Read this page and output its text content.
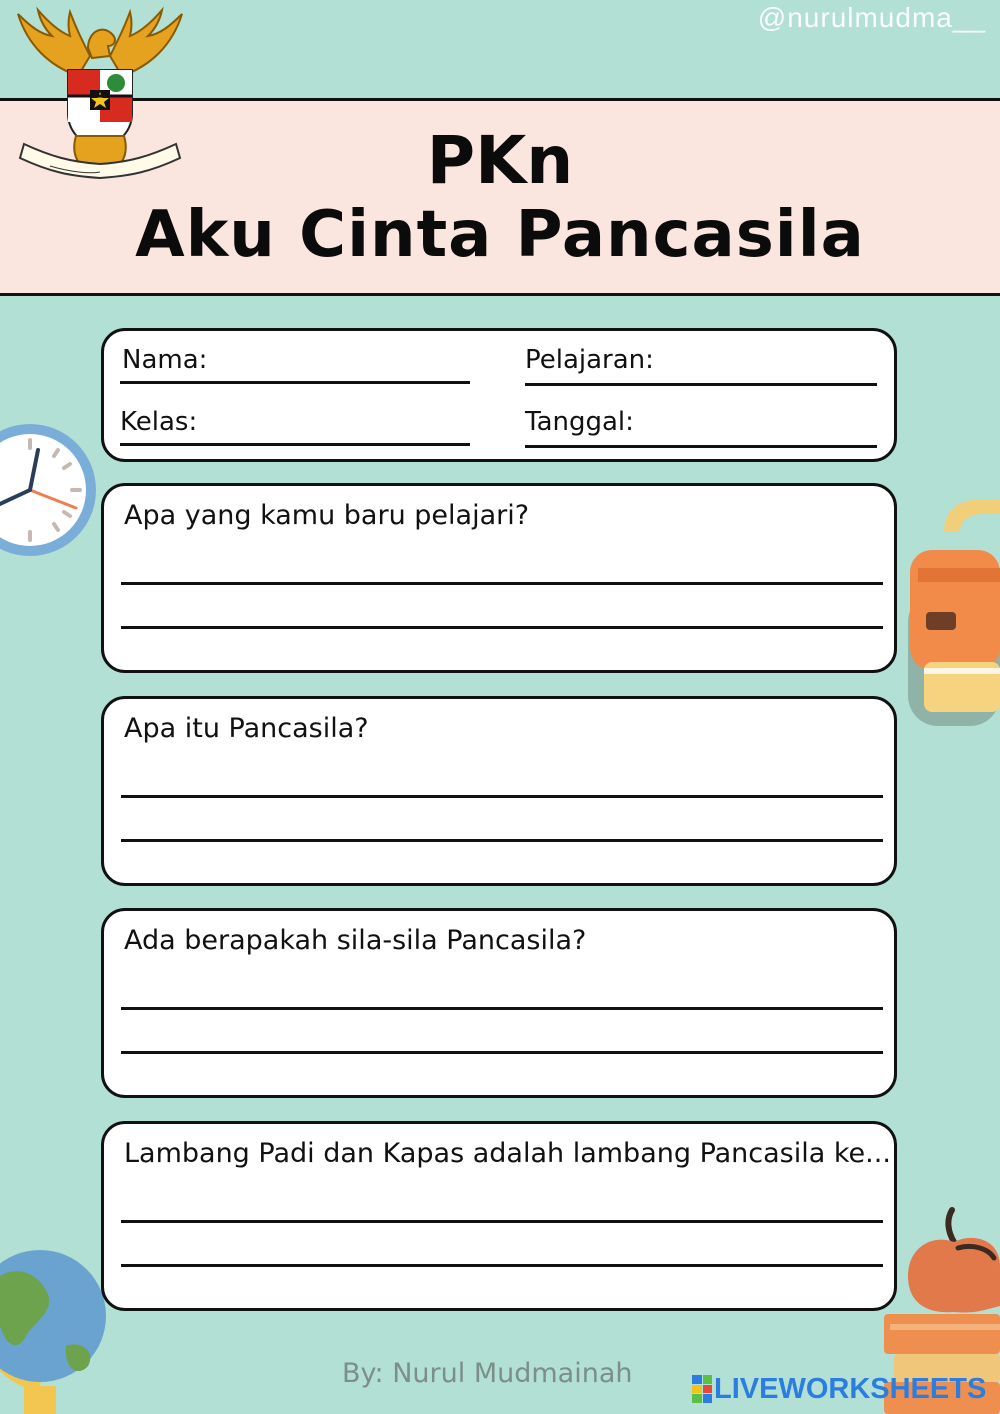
@nurulmudma__
PKn
Aku Cinta Pancasila
Nama:	Pelajaran:
Kelas:	Tanggal:
Apa yang kamu baru pelajari?
Apa itu Pancasila?
Ada berapakah sila-sila Pancasila?
Lambang Padi dan Kapas adalah lambang Pancasila ke...
By: Nurul Mudmainah	LIVEWORKSHEETS
